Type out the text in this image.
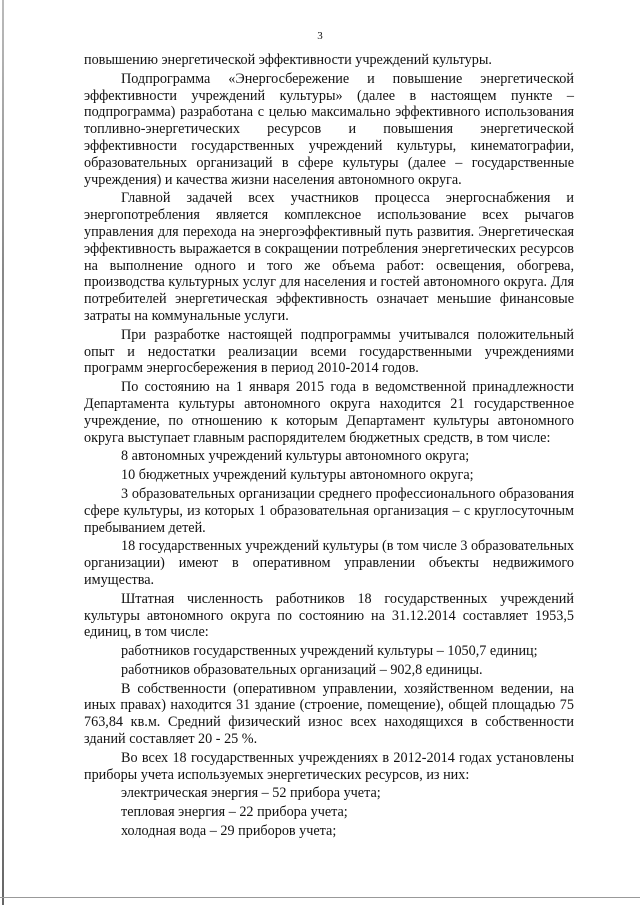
3

повышению энергетической эффективности учреждений культуры.

Подпрограмма «Энергосбережение и повышение энергетической эффективности учреждений культуры» (далее в настоящем пункте – подпрограмма) разработана с целью максимально эффективного использования топливно-энергетических ресурсов и повышения энергетической эффективности государственных учреждений культуры, кинематографии, образовательных организаций в сфере культуры (далее – государственные учреждения) и качества жизни населения автономного округа.

Главной задачей всех участников процесса энергоснабжения и энергопотребления является комплексное использование всех рычагов управления для перехода на энергоэффективный путь развития. Энергетическая эффективность выражается в сокращении потребления энергетических ресурсов на выполнение одного и того же объема работ: освещения, обогрева, производства культурных услуг для населения и гостей автономного округа. Для потребителей энергетическая эффективность означает меньшие финансовые затраты на коммунальные услуги.

При разработке настоящей подпрограммы учитывался положительный опыт и недостатки реализации всеми государственными учреждениями программ энергосбережения в период 2010-2014 годов.

По состоянию на 1 января 2015 года в ведомственной принадлежности Департамента культуры автономного округа находится 21 государственное учреждение, по отношению к которым Департамент культуры автономного округа выступает главным распорядителем бюджетных средств, в том числе:

8 автономных учреждений культуры автономного округа;

10 бюджетных учреждений культуры автономного округа;

3 образовательных организации среднего профессионального образования сфере культуры, из которых 1 образовательная организация – с круглосуточным пребыванием детей.

18 государственных учреждений культуры (в том числе 3 образовательных организации) имеют в оперативном управлении объекты недвижимого имущества.

Штатная численность работников 18 государственных учреждений культуры автономного округа по состоянию на 31.12.2014 составляет 1953,5 единиц, в том числе:

работников государственных учреждений культуры – 1050,7 единиц;

работников образовательных организаций – 902,8 единицы.

В собственности (оперативном управлении, хозяйственном ведении, на иных правах) находится 31 здание (строение, помещение), общей площадью 75 763,84 кв.м. Средний физический износ всех находящихся в собственности зданий составляет 20 - 25 %.

Во всех 18 государственных учреждениях в 2012-2014 годах установлены приборы учета используемых энергетических ресурсов, из них:

электрическая энергия – 52 прибора учета;

тепловая энергия – 22 прибора учета;

холодная вода – 29 приборов учета;
